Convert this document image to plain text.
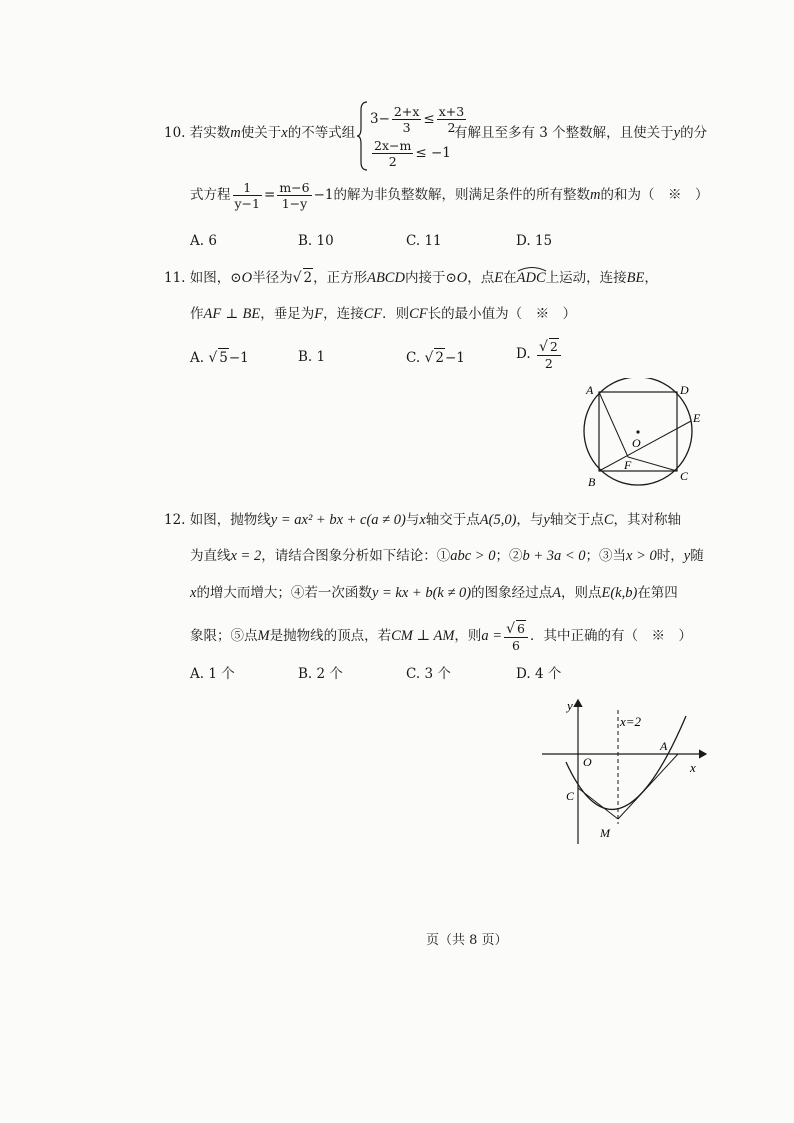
10. 若实数m使关于x的不等式组
$3- \frac{2+x}{3} \le \frac{x+3}{2}$
$\frac{2x-m}{2} \le -1$
有解且至多有 3 个整数解，且使关于y的分
式方程 $\frac{1}{y-1} = \frac{m-6}{1-y} -1$的解为非负整数解，则满足条件的所有整数m的和为（　※　）
A. 6	B. 10	C. 11	D. 15
11. 如图，⊙O半径为√ 2，正方形ABCD内接于⊙O，点E在
ADC上运动，连接BE，
作AF ⊥ BE，垂足为F，连接CF．则CF长的最小值为（　※　）
A. √ 5−1	B. 1	C. √ 2−1	D. $\frac{√ 2}{2}$
A	D
E
O
F
B	C
12. 如图，抛物线y = ax² + bx + c(a ≠ 0)与x轴交于点A(5,0)，与y轴交于点C，其对称轴
为直线x = 2，请结合图象分析如下结论：①abc > 0；②b + 3a < 0；③当x > 0时，y随
x的增大而增大；④若一次函数y = kx + b(k ≠ 0)的图象经过点A，则点E(k,b)在第四
象限；⑤点M是抛物线的顶点，若CM ⊥ AM，则$a = \frac{√ 6}{6}$ ．其中正确的有（　※　）
A. 1 个	B. 2 个	C. 3 个	D. 4 个
y
x
x=2
O
A
C
M
页（共 8 页）
